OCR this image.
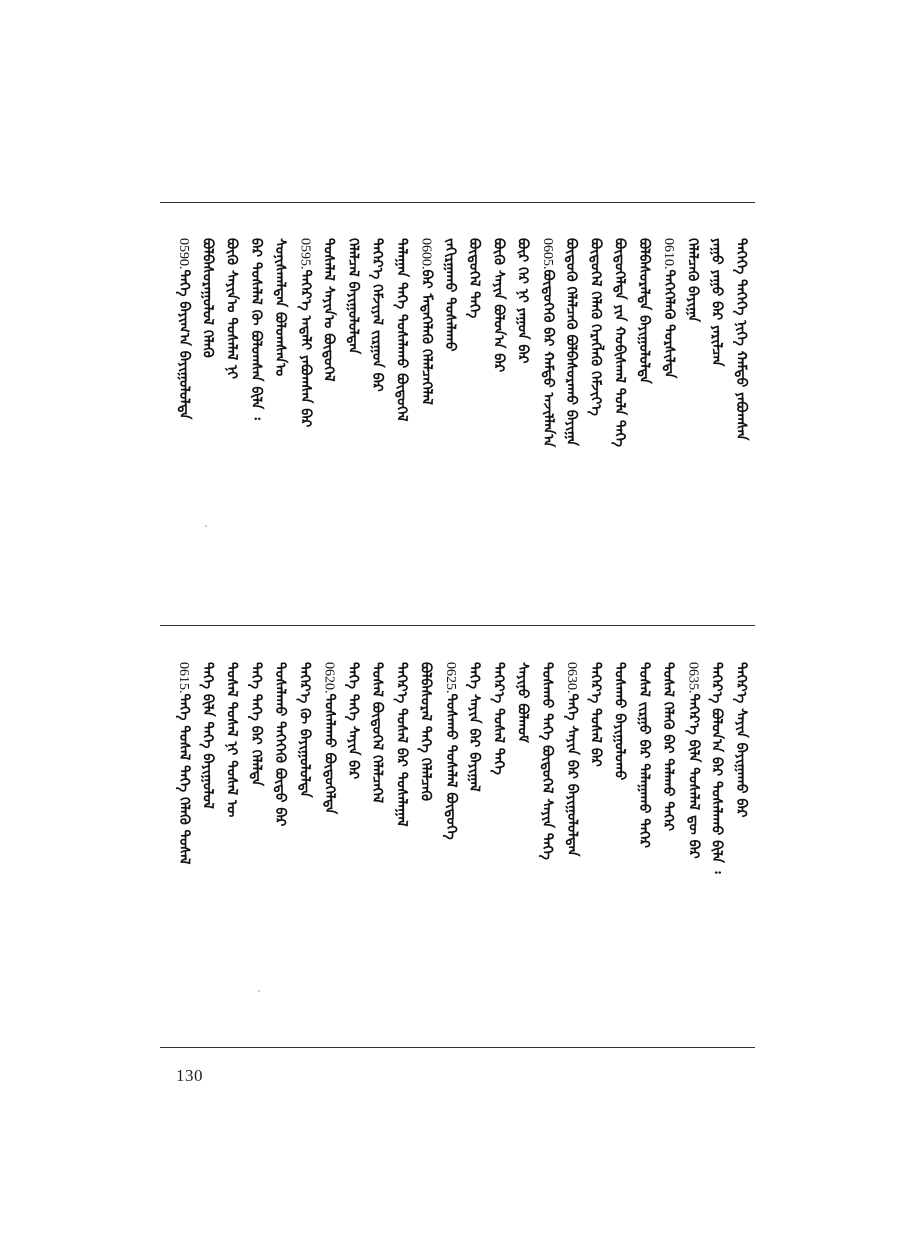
ᠲᠡᠭᠡᠭᠡ ᠲᠡᠭᠡᠭᠡ ᠨᠢᠭᠡ ᠬᠠᠮᠲᠤ ᠶᠠᠪᠤᠭᠰᠠᠨ
ᠶᠠᠭᠤ ᠶᠠᠭᠤ ᠪᠡᠷ ᠶᠠᠷᠢᠯᠴᠠᠨ
ᠬᠡᠯᠡᠯᠴᠡᠬᠦ ᠪᠠᠶᠢᠭᠠ
0610.ᠲᠡᠭᠡᠭᠡᠯᠡᠬᠦ ᠲᠤᠷᠰᠢᠯᠲᠠ
ᠪᠣᠯᠪᠠᠰᠤᠷᠠᠯᠲᠠ ᠪᠠᠶᠢᠭᠤᠯᠤᠯᠲᠠ
ᠪᠦᠲᠦᠭᠡᠯᠲᠡ ᠶᠢᠨ ᠬᠤᠪᠢᠰᠬᠠᠯ ᠲᠤᠯᠠ ᠲᠡᠭᠡ
ᠪᠦᠲᠦᠭᠡᠯ ᠬᠡᠯᠡᠬᠦ ᠬᠡᠷᠡᠭᠯᠡᠬᠦ ᠬᠡᠮᠵᠢᠶ᠎ᠡ
ᠪᠦᠲᠦᠬᠦ ᠬᠡᠯᠡᠯᠴᠡᠬᠦ ᠪᠣᠯᠪᠠᠰᠤᠷᠠᠬᠤ ᠪᠠᠶᠢᠭᠠ
0605.ᠪᠦᠲᠦᠭᠡᠬᠦ ᠪᠡᠷ ᠬᠠᠮᠲᠤ ᠠᠵᠢᠯᠯᠠᠨ᠎ᠠ
ᠪᠦᠷ ᠬᠡᠷ ᠨᠢ ᠶᠠᠭᠤᠨ ᠪᠡᠷ
ᠪᠦᠭᠦ ᠰᠠᠶᠢᠨ ᠪᠣᠯᠤᠨ᠎ᠠ ᠪᠡᠷ
ᠪᠦᠲᠦᠭᠡᠯ ᠲᠡᠭᠡ
ᠵᠠᠬᠢᠷᠭᠠᠬᠤ ᠲᠤᠰᠠᠯᠠᠬᠤ
0600.ᠪᠡᠷ ᠮᠡᠳᠡᠭᠡᠯᠡᠬᠦ ᠬᠡᠯᠡᠯᠴᠡᠭᠡᠯᠡᠯ
ᠲᠠᠯᠠᠭᠠᠨ ᠲᠡᠭᠡ ᠲᠤᠰᠠᠯᠠᠬᠤ ᠪᠦᠲᠦᠭᠡᠯ
ᠳᠡᠭᠡᠷ᠎ᠡ ᠬᠡᠮᠵᠢᠶᠡᠯ ᠵᠢᠷᠭᠤᠨ ᠪᠡᠷ
ᠬᠡᠯᠡᠯᠴᠡᠯ ᠪᠠᠶᠢᠭᠤᠯᠤᠯᠲᠠᠨ
ᠲᠤᠰᠠᠯᠠᠯ ᠰᠠᠶᠢᠨ᠎ᠤ ᠪᠦᠲᠦᠭᠡᠯ
0595.ᠳᠡᠭᠡᠷ᠎ᠡ ᠠᠳᠠᠯᠢ ᠶᠠᠪᠤᠭᠰᠠᠨ ᠪᠡᠷ
ᠰᠣᠨᠢᠰᠬᠠᠯᠲᠠᠨ ᠪᠣᠯᠤᠭᠰᠠᠨ᠎ᠤ
ᠪᠡᠷ ᠲᠤᠰᠠᠯᠠᠯ ᠬᠦ ᠪᠣᠯᠤᠭᠰᠠᠨ ᠪᠢᠯᠡ ᠄
ᠪᠦᠬᠦ ᠰᠠᠶᠢᠨ᠎ᠤ ᠲᠤᠰᠠᠯᠠᠯ ᠨᠢ
ᠪᠣᠯᠪᠠᠰᠤᠷᠠᠭᠤᠯᠤᠯ ᠬᠡᠯᠡᠬᠦ
0590.ᠲᠡᠭᠡ ᠪᠠᠶᠢᠭ᠎ᠠ ᠪᠠᠶᠢᠭᠤᠯᠤᠯᠲᠠ
ᠳᠡᠭᠡᠷ᠎ᠡ ᠰᠠᠶᠢᠨ ᠪᠠᠶᠢᠭᠠᠬᠤ ᠪᠡᠷ
ᠳᠡᠭᠡᠷ᠎ᠡ ᠪᠣᠯᠤᠨ᠎ᠠ ᠪᠡᠷ ᠲᠤᠰᠠᠯᠠᠬᠤ ᠪᠢᠯᠡ ᠄
0635.ᠳᠡᠭᠡᠷ᠎ᠡ ᠪᠢᠯᠡ ᠲᠤᠰᠠᠯᠠᠯ ᠳᠦ ᠪᠡᠷ
ᠲᠤᠰᠠᠯ ᠬᠡᠯᠡᠬᠦ ᠪᠡᠷ ᠲᠠᠯᠠᠬᠤ ᠲᠡᠭᠡᠷ
ᠲᠤᠰᠠᠯ ᠵᠢᠷᠭᠤ ᠪᠡᠷ ᠲᠠᠯᠠᠭᠠᠬᠤ ᠲᠡᠭᠡᠷ
ᠲᠤᠰᠠᠬᠤ ᠪᠠᠶᠢᠭᠤᠯᠤᠬᠤ
ᠳᠡᠭᠡᠷ᠎ᠡ ᠲᠤᠰᠠᠯ ᠪᠡᠷ
0630.ᠲᠡᠭᠡ ᠰᠠᠶᠢᠨ ᠪᠡᠷ ᠪᠠᠶᠢᠭᠤᠯᠤᠯᠲᠠᠨ
ᠲᠤᠰᠠᠬᠤ ᠲᠡᠭᠡ ᠪᠦᠲᠦᠭᠡᠯ ᠰᠠᠶᠢᠨ ᠲᠡᠭᠡ
ᠰᠠᠶᠢᠨᠤ ᠪᠣᠯᠬᠤᠮ
ᠳᠡᠭᠡᠷ᠎ᠡ ᠲᠤᠰᠠᠯ ᠲᠡᠭᠡ
ᠲᠡᠭᠡ ᠰᠠᠶᠢᠨ ᠪᠡᠷ ᠪᠠᠶᠢᠭᠠᠯ
0625.ᠲᠤᠰᠠᠬᠤ ᠲᠤᠰᠠᠯᠠᠯ ᠪᠦᠲᠦᠭᠡ
ᠪᠣᠯᠪᠠᠰᠤᠷᠠᠯ ᠲᠡᠭᠡ ᠬᠡᠯᠡᠯᠴᠡᠬᠦ
ᠳᠡᠭᠡᠷ᠎ᠡ ᠲᠤᠰᠠᠯ ᠪᠡᠷ ᠲᠤᠰᠠᠯᠠᠭᠠᠯ
ᠲᠤᠰᠠᠯ ᠪᠦᠲᠦᠭᠡᠯ ᠬᠡᠯᠡᠯᠴᠡᠭᠡᠯ
ᠲᠡᠭᠡ ᠲᠡᠭᠡ ᠰᠠᠶᠢᠨ ᠪᠡᠷ
0620.ᠲᠤᠰᠠᠯᠠᠬᠤ ᠪᠦᠲᠦᠭᠡᠯᠲᠡ
ᠳᠡᠭᠡᠷ᠎ᠡ ᠬᠦ ᠪᠠᠶᠢᠭᠤᠯᠤᠯᠲᠠ
ᠲᠤᠰᠠᠯᠠᠬᠤ ᠲᠡᠭᠡᠭᠡᠬᠦ ᠪᠦᠲᠦ ᠪᠡᠷ
ᠲᠡᠭᠡ ᠲᠡᠭᠡ ᠪᠡᠷ ᠬᠡᠯᠡᠯᠲᠠ
ᠲᠤᠰᠠᠯ ᠲᠤᠰᠠᠯ ᠨᠢ ᠲᠤᠰᠠᠯ ᠦ
ᠲᠡᠭᠡ ᠪᠢᠯᠡ ᠲᠡᠭᠡ ᠪᠠᠶᠢᠭᠤᠯᠤᠯ
0615.ᠲᠡᠭᠡ ᠲᠤᠰᠠᠯ ᠲᠡᠭᠡ ᠬᠡᠯᠡᠬᠦ ᠲᠤᠰᠠᠯ
130
